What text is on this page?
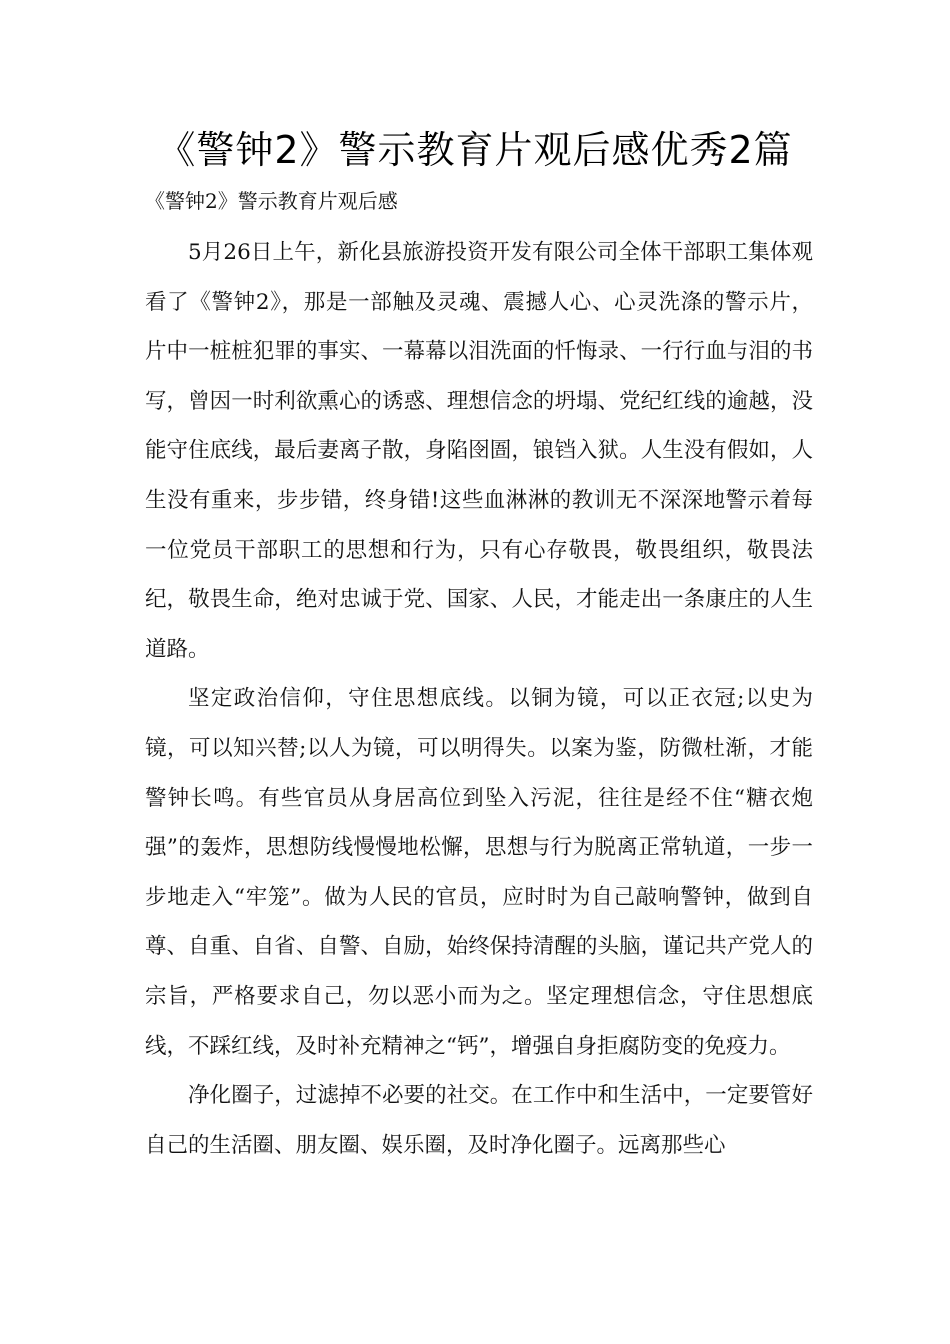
《警钟2》警示教育片观后感优秀2篇

《警钟2》警示教育片观后感

5月26日上午，新化县旅游投资开发有限公司全体干部职工集体观看了《警钟2》，那是一部触及灵魂、震撼人心、心灵洗涤的警示片，片中一桩桩犯罪的事实、一幕幕以泪洗面的忏悔录、一行行血与泪的书写，曾因一时利欲熏心的诱惑、理想信念的坍塌、党纪红线的逾越，没能守住底线，最后妻离子散，身陷囹圄，锒铛入狱。人生没有假如，人生没有重来，步步错，终身错!这些血淋淋的教训无不深深地警示着每一位党员干部职工的思想和行为，只有心存敬畏，敬畏组织，敬畏法纪，敬畏生命，绝对忠诚于党、国家、人民，才能走出一条康庄的人生道路。

坚定政治信仰，守住思想底线。以铜为镜，可以正衣冠;以史为镜，可以知兴替;以人为镜，可以明得失。以案为鉴，防微杜渐，才能警钟长鸣。有些官员从身居高位到坠入污泥，往往是经不住“糖衣炮强”的轰炸，思想防线慢慢地松懈，思想与行为脱离正常轨道，一步一步地走入“牢笼”。做为人民的官员，应时时为自己敲响警钟，做到自尊、自重、自省、自警、自励，始终保持清醒的头脑，谨记共产党人的宗旨，严格要求自己，勿以恶小而为之。坚定理想信念，守住思想底线，不踩红线，及时补充精神之“钙”，增强自身拒腐防变的免疫力。

净化圈子，过滤掉不必要的社交。在工作中和生活中，一定要管好自己的生活圈、朋友圈、娱乐圈，及时净化圈子。远离那些心
